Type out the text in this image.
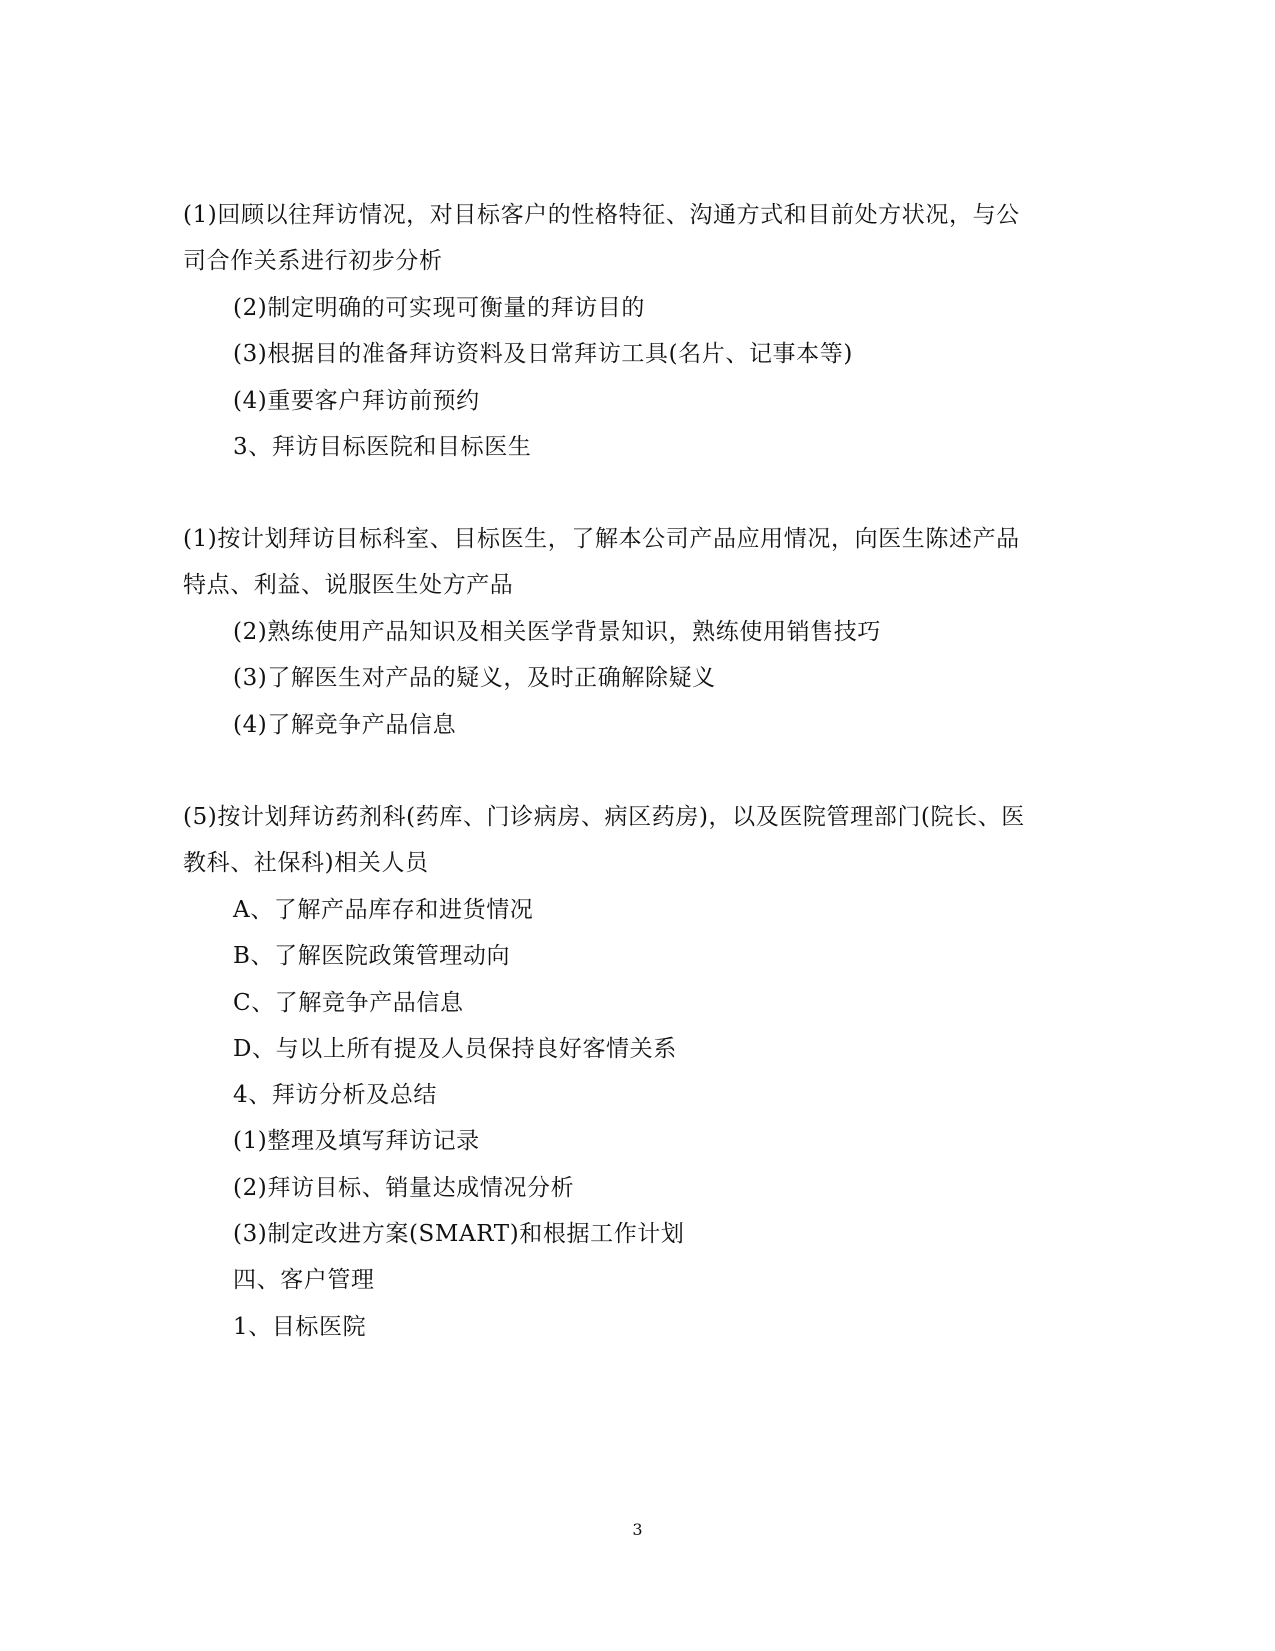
(1)回顾以往拜访情况，对目标客户的性格特征、沟通方式和目前处方状况，与公
司合作关系进行初步分析
(2)制定明确的可实现可衡量的拜访目的
(3)根据目的准备拜访资料及日常拜访工具(名片、记事本等)
(4)重要客户拜访前预约
3、拜访目标医院和目标医生
(1)按计划拜访目标科室、目标医生，了解本公司产品应用情况，向医生陈述产品
特点、利益、说服医生处方产品
(2)熟练使用产品知识及相关医学背景知识，熟练使用销售技巧
(3)了解医生对产品的疑义，及时正确解除疑义
(4)了解竞争产品信息
(5)按计划拜访药剂科(药库、门诊病房、病区药房)，以及医院管理部门(院长、医
教科、社保科)相关人员
A、了解产品库存和进货情况
B、了解医院政策管理动向
C、了解竞争产品信息
D、与以上所有提及人员保持良好客情关系
4、拜访分析及总结
(1)整理及填写拜访记录
(2)拜访目标、销量达成情况分析
(3)制定改进方案(SMART)和根据工作计划
四、客户管理
1、目标医院
3
